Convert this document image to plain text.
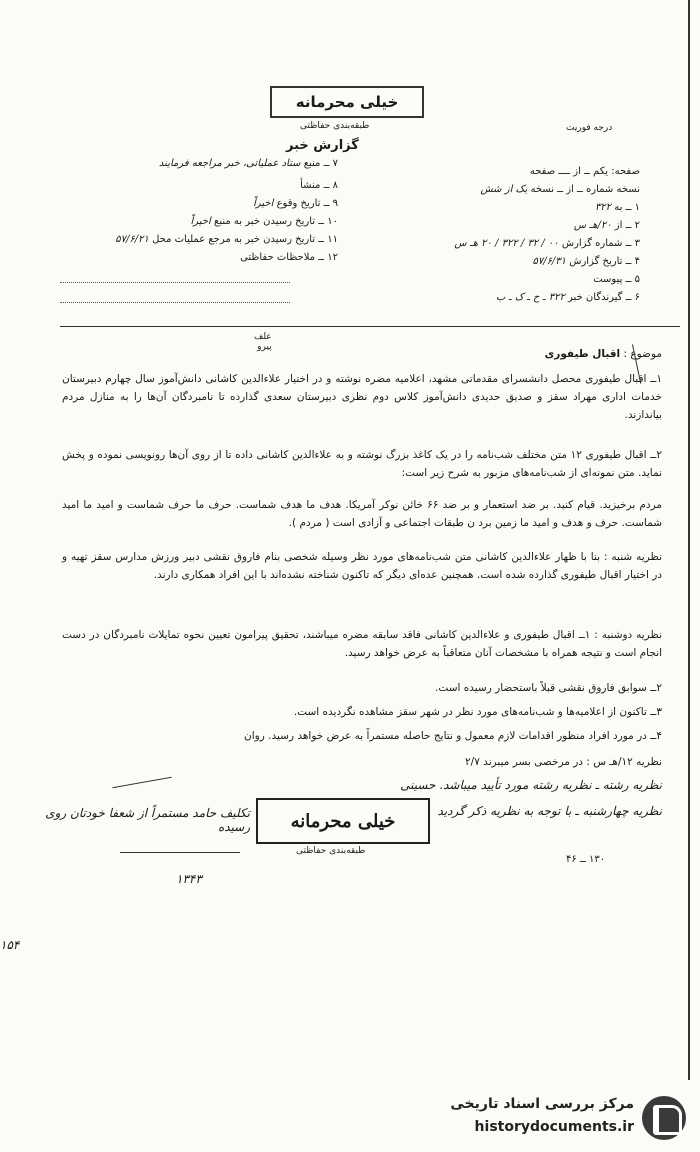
خیلی محرمانه
طبقه‌بندی حفاظتی	درجه فوریت
گزارش خبر
صفحه: یکم ــ از ــــ صفحه
نسخه شماره ــ از ــ نسخه یک از شش
۱ ــ به ۳۲۲
۲ ــ از ۲۰/هـ س
۳ ــ شماره گزارش ۰۰ / ۳۲ / ۳۲۲ / ۲۰ هـ س
۴ ــ تاریخ گزارش ۵۷/۶/۳۱
۵ ــ پیوست
۶ ــ گیرندگان خبر ۳۲۲ ـ ح ـ ک ـ ب
۷ ــ منبع ستاد عملیاتی، خبر مراجعه فرمایند
۸ ــ منشأ
۹ ــ تاریخ وقوع اخیراً
۱۰ ــ تاریخ رسیدن خبر به منبع اخیراً
۱۱ ــ تاریخ رسیدن خبر به مرجع عملیات محل ۵۷/۶/۲۱
۱۲ ــ ملاحظات حفاظتی
علف
پیرو
موضوع : اقبال طیفوری
۱ــ اقبال طیفوری محصل دانشسرای مقدماتی مشهد، اعلامیه مضره نوشته و در اختیار علاءالدین کاشانی دانش‌آموز سال چهارم دبیرستان خدمات اداری مهراد سقز و صدیق حدیدی دانش‌آموز کلاس دوم نظری دبیرستان سعدی گذارده تا نامبردگان آن‌ها را به منازل مردم بیاندازند.
۲ــ اقبال طیفوری ۱۲ متن مختلف شب‌نامه را در یک کاغذ بزرگ نوشته و به علاءالدین کاشانی داده تا از روی آن‌ها رونویسی نموده و پخش نماید. متن نمونه‌ای از شب‌نامه‌های مزبور به شرح زیر است:
مردم برخیزید. قیام کنید. بر ضد استعمار و بر ضد ۶۶ خائن نوکر آمریکا. هدف ما هدف شماست. حرف ما حرف شماست و امید ما امید شماست. حرف و هدف و امید ما زمین برد ن طبقات اجتماعی و آزادی است ( مردم ).
نظریه شنبه : بنا با ظهار علاءالدین کاشانی متن شب‌نامه‌های مورد نظر وسیله شخصی بنام فاروق نقشی دبیر ورزش مدارس سقز تهیه و در اختیار اقبال طیفوری گذارده شده است. همچنین عده‌ای دیگر که تاکنون شناخته نشده‌اند با این افراد همکاری دارند.
نظریه دوشنبه : ۱ــ اقبال طیفوری و علاءالدین کاشانی فاقد سابقه مضره میباشند، تحقیق پیرامون تعیین نحوه تمایلات نامبردگان در دست انجام است و نتیجه همراه با مشخصات آنان متعاقباً به عرض خواهد رسید.
۲ــ سوابق فاروق نقشی قبلاً باستحضار رسیده است.
۳ــ تاکنون از اعلامیه‌ها و شب‌نامه‌های مورد نظر در شهر سقز مشاهده نگردیده است.
۴ــ در مورد افراد منظور اقدامات لازم معمول و نتایج حاصله مستمراً به عرض خواهد رسید. روان
نظریه ۱۲/هـ س : در مرخصی بسر میبرند ۲/۷
نظریه رشته ـ نظریه رشته مورد تأیید میباشد. حسینی
نظریه چهارشنبه ـ با توجه به نظریه ذکر گردید
تکلیف حامد مستمراً از شعفا خودتان روی رسیده
۱۳۴۳
خیلی محرمانه
طبقه‌بندی حفاظتی
۱۳۰ ــ ۴۶
۱۵۴
مرکز بررسی اسناد تاریخی
historydocuments.ir
